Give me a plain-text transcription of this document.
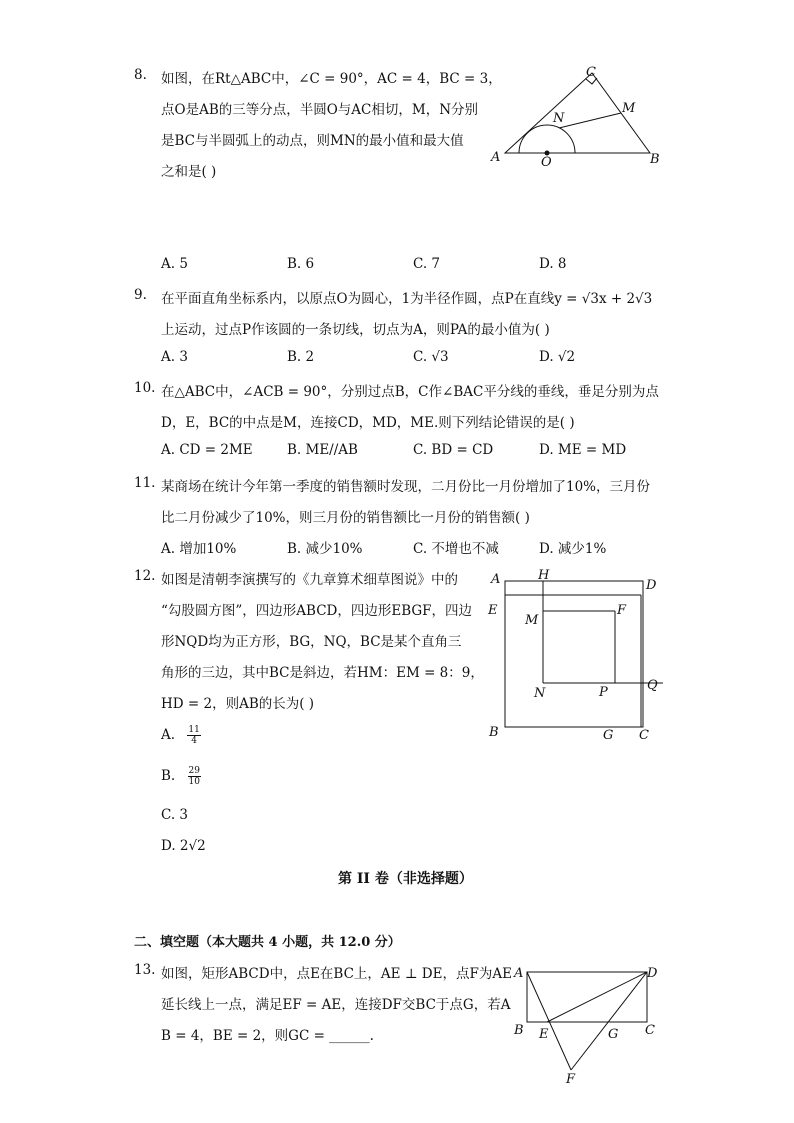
8. 如图，在Rt△ABC中，∠C = 90°，AC = 4，BC = 3，
点O是AB的三等分点，半圆O与AC相切，M，N分别
是BC与半圆弧上的动点，则MN的最小值和最大值
之和是( )
A
C
B
M
N
O
A. 5	B. 6	C. 7	D. 8
9. 在平面直角坐标系内，以原点O为圆心，1为半径作圆，点P在直线y = √3x + 2√3
上运动，过点P作该圆的一条切线，切点为A，则PA的最小值为( )
A. 3	B. 2	C. √3	D. √2
10. 在△ABC中，∠ACB = 90°，分别过点B，C作∠BAC平分线的垂线，垂足分别为点
D，E，BC的中点是M，连接CD，MD，ME.则下列结论错误的是( )
A. CD = 2ME	B. ME//AB	C. BD = CD	D. ME = MD
11. 某商场在统计今年第一季度的销售额时发现，二月份比一月份增加了10%，三月份
比二月份减少了10%，则三月份的销售额比一月份的销售额( )
A. 增加10%	B. 减少10%	C. 不增也不减	D. 减少1%
12. 如图是清朝李演撰写的《九章算术细草图说》中的
“勾股圆方图”，四边形ABCD，四边形EBGF，四边
形NQD均为正方形，BG，NQ，BC是某个直角三
角形的三边，其中BC是斜边，若HM：EM = 8：9，
HD = 2，则AB的长为( )
A	H
D
E	F
M
N	P	Q
B	G C
A. $\frac{11}{4}$
B. $\frac{29}{10}$
C. 3
D. 2√2
第 II 卷（非选择题）
二、填空题（本大题共 4 小题，共 12.0 分）
13. 如图，矩形ABCD中，点E在BC上，AE ⊥ DE，点F为AE
延长线上一点，满足EF = AE，连接DF交BC于点G，若A
B = 4，BE = 2，则GC = ______.
A	D
B E	G C
F
